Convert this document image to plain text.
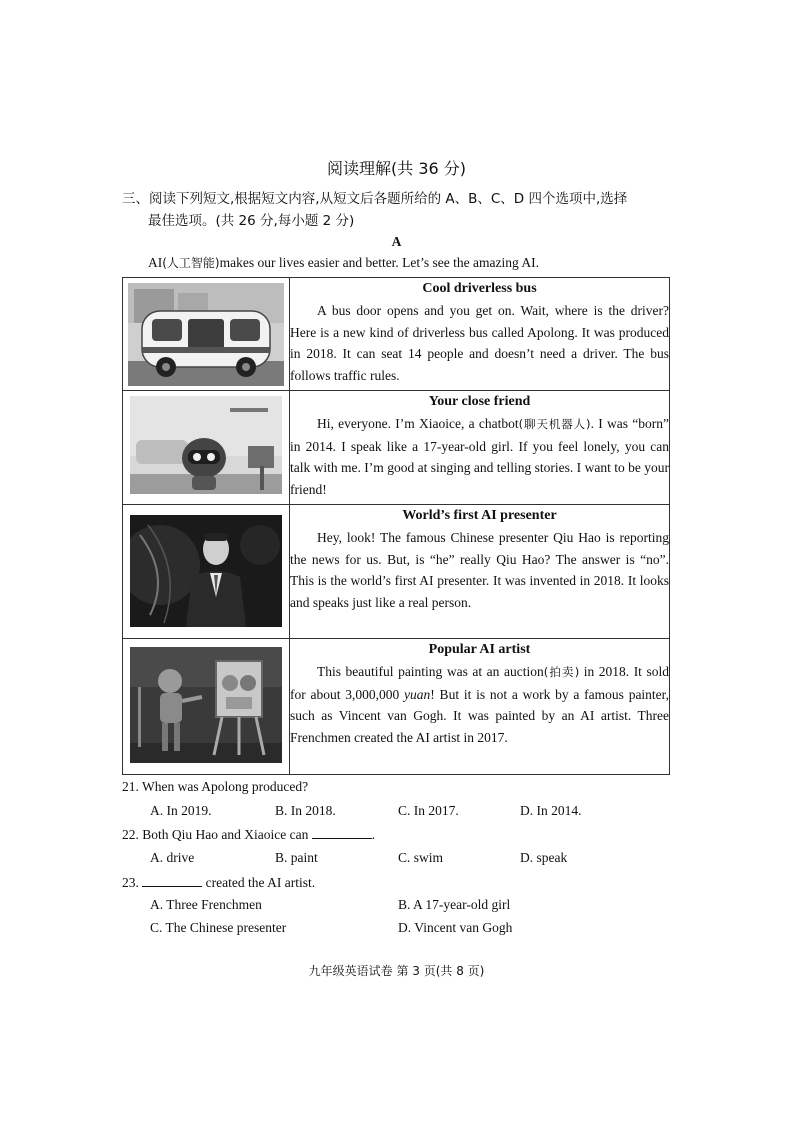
阅读理解(共 36 分)
三、阅读下列短文,根据短文内容,从短文后各题所给的 A、B、C、D 四个选项中,选择
最佳选项。(共 26 分,每小题 2 分)
A
AI(人工智能)makes our lives easier and better. Let’s see the amazing AI.

Cool driverless bus
A bus door opens and you get on. Wait, where is the driver? Here is a new kind of driverless bus called Apolong. It was produced in 2018. It can seat 14 people and doesn’t need a driver. The bus follows traffic rules.

Your close friend
Hi, everyone. I’m Xiaoice, a chatbot(聊天机器人). I was “born” in 2014. I speak like a 17-year-old girl. If you feel lonely, you can talk with me. I’m good at singing and telling stories. I want to be your friend!

World’s first AI presenter
Hey, look! The famous Chinese presenter Qiu Hao is reporting the news for us. But, is “he” really Qiu Hao? The answer is “no”. This is the world’s first AI presenter. It was invented in 2018. It looks and speaks just like a real person.

Popular AI artist
This beautiful painting was at an auction(拍卖) in 2018. It sold for about 3,000,000 yuan! But it is not a work by a famous painter, such as Vincent van Gogh. It was painted by an AI artist. Three Frenchmen created the AI artist in 2017.
21. When was Apolong produced?
A. In 2019.	B. In 2018.	C. In 2017.	D. In 2014.
22. Both Qiu Hao and Xiaoice can	.
A. drive	B. paint	C. swim	D. speak
23.	created the AI artist.
A. Three Frenchmen	B. A 17-year-old girl
C. The Chinese presenter	D. Vincent van Gogh
九年级英语试卷 第 3 页(共 8 页)
